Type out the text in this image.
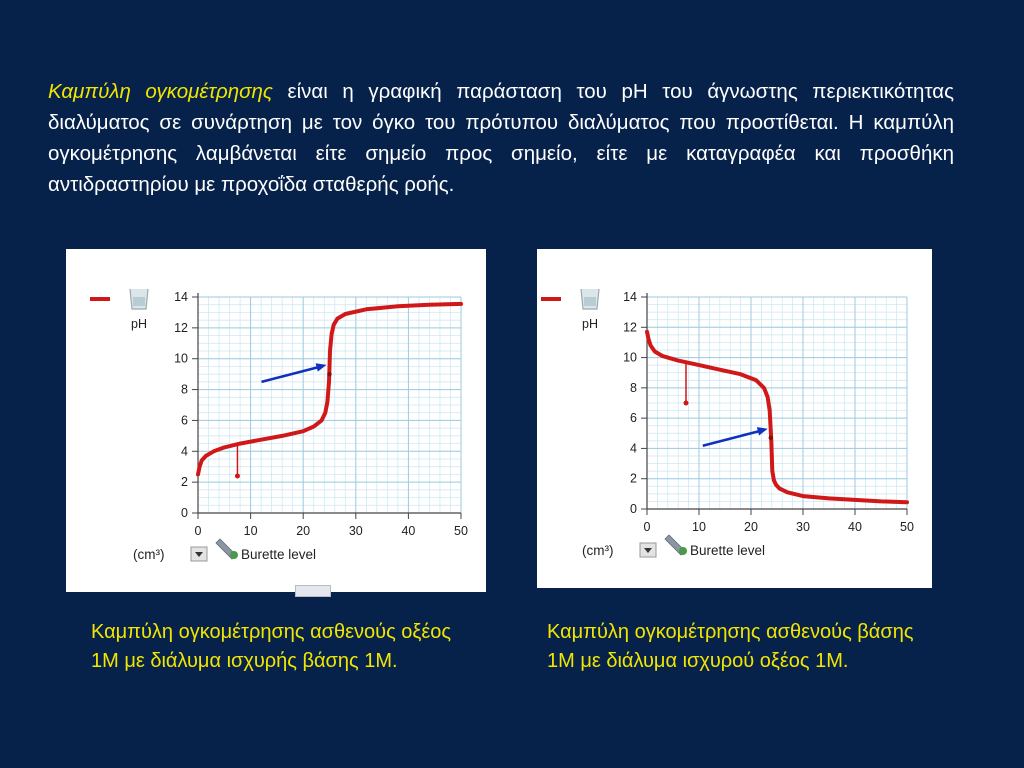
Καμπύλη ογκομέτρησης είναι η γραφική παράσταση του pH του άγνωστης περιεκτικότητας διαλύματος σε συνάρτηση με τον όγκο του πρότυπου διαλύματος που προστίθεται. Η καμπύλη ογκομέτρησης λαμβάνεται είτε σημείο προς σημείο, είτε με καταγραφέα και προσθήκη αντιδραστηρίου με προχοΐδα σταθερής ροής.

0
2
4
6
8
10
12
14
0	10	20	30	40	50
pH
(cm³)	Burette level
0
2
4
6
8
10
12
14
0	10	20	30	40	50
pH
(cm³)	Burette level

Καμπύλη ογκομέτρησης ασθενούς οξέος 1Μ με διάλυμα ισχυρής βάσης 1Μ.

Καμπύλη ογκομέτρησης ασθενούς βάσης 1Μ με διάλυμα ισχυρού οξέος 1Μ.
